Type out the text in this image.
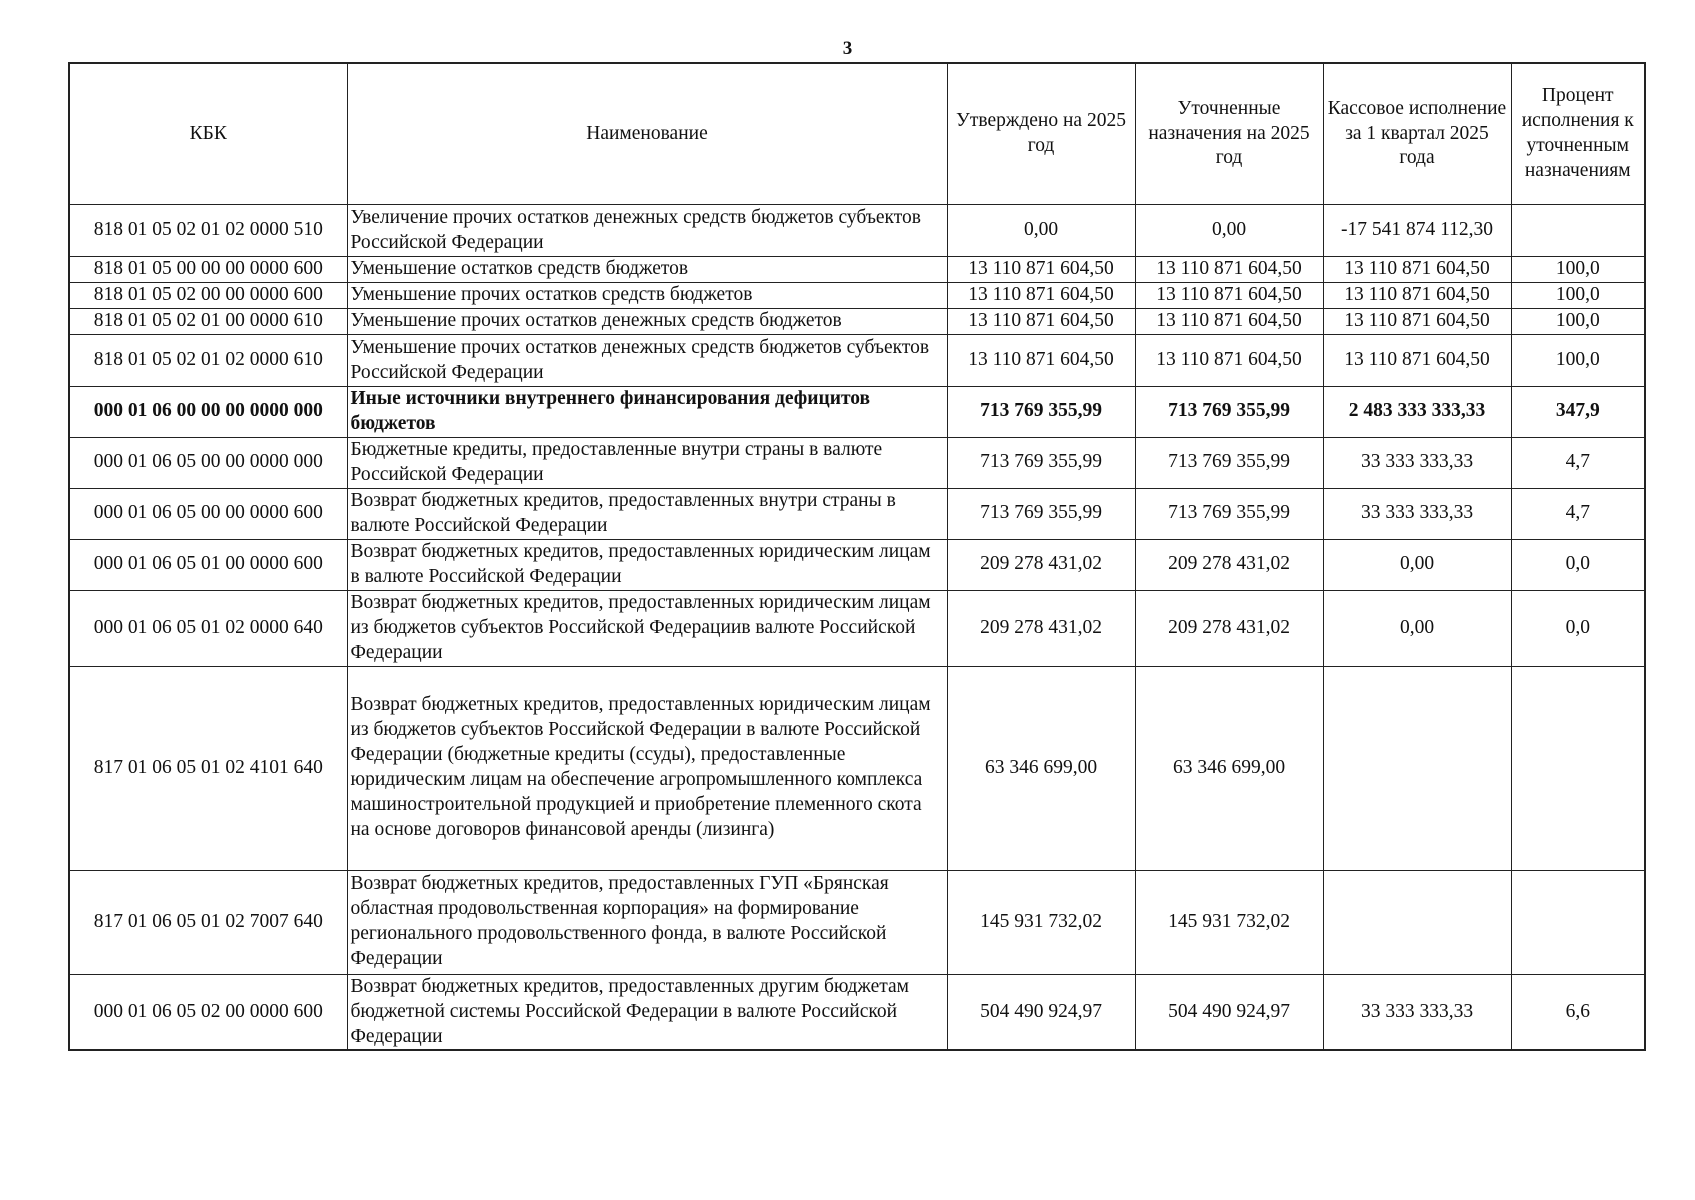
3
КБК	Наименование	Утверждено на 2025 год	Уточненные назначения на 2025 год	Кассовое исполнение за 1 квартал 2025 года	Процент исполнения к уточненным назначениям
818 01 05 02 01 02 0000 510	Увеличение прочих остатков денежных средств бюджетов субъектов Российской Федерации	0,00	0,00	-17 541 874 112,30	
818 01 05 00 00 00 0000 600	Уменьшение остатков средств бюджетов	13 110 871 604,50	13 110 871 604,50	13 110 871 604,50	100,0
818 01 05 02 00 00 0000 600	Уменьшение прочих остатков средств бюджетов	13 110 871 604,50	13 110 871 604,50	13 110 871 604,50	100,0
818 01 05 02 01 00 0000 610	Уменьшение прочих остатков денежных средств бюджетов	13 110 871 604,50	13 110 871 604,50	13 110 871 604,50	100,0
818 01 05 02 01 02 0000 610	Уменьшение прочих остатков денежных средств бюджетов субъектов Российской Федерации	13 110 871 604,50	13 110 871 604,50	13 110 871 604,50	100,0
000 01 06 00 00 00 0000 000	Иные источники внутреннего финансирования дефицитов бюджетов	713 769 355,99	713 769 355,99	2 483 333 333,33	347,9
000 01 06 05 00 00 0000 000	Бюджетные кредиты, предоставленные внутри страны в валюте Российской Федерации	713 769 355,99	713 769 355,99	33 333 333,33	4,7
000 01 06 05 00 00 0000 600	Возврат бюджетных кредитов, предоставленных внутри страны в валюте Российской Федерации	713 769 355,99	713 769 355,99	33 333 333,33	4,7
000 01 06 05 01 00 0000 600	Возврат бюджетных кредитов, предоставленных юридическим лицам в валюте Российской Федерации	209 278 431,02	209 278 431,02	0,00	0,0
000 01 06 05 01 02 0000 640	Возврат бюджетных кредитов, предоставленных юридическим лицам из бюджетов субъектов Российской Федерациив валюте Российской Федерации	209 278 431,02	209 278 431,02	0,00	0,0
817 01 06 05 01 02 4101 640	Возврат бюджетных кредитов, предоставленных юридическим лицам из бюджетов субъектов Российской Федерации в валюте Российской Федерации (бюджетные кредиты (ссуды), предоставленные юридическим лицам на обеспечение агропромышленного комплекса машиностроительной продукцией и приобретение племенного скота на основе договоров финансовой аренды (лизинга)	63 346 699,00	63 346 699,00		
817 01 06 05 01 02 7007 640	Возврат бюджетных кредитов, предоставленных ГУП «Брянская областная продовольственная корпорация» на формирование регионального продовольственного фонда, в валюте Российской Федерации	145 931 732,02	145 931 732,02		
000 01 06 05 02 00 0000 600	Возврат бюджетных кредитов, предоставленных другим бюджетам бюджетной системы Российской Федерации в валюте Российской Федерации	504 490 924,97	504 490 924,97	33 333 333,33	6,6
